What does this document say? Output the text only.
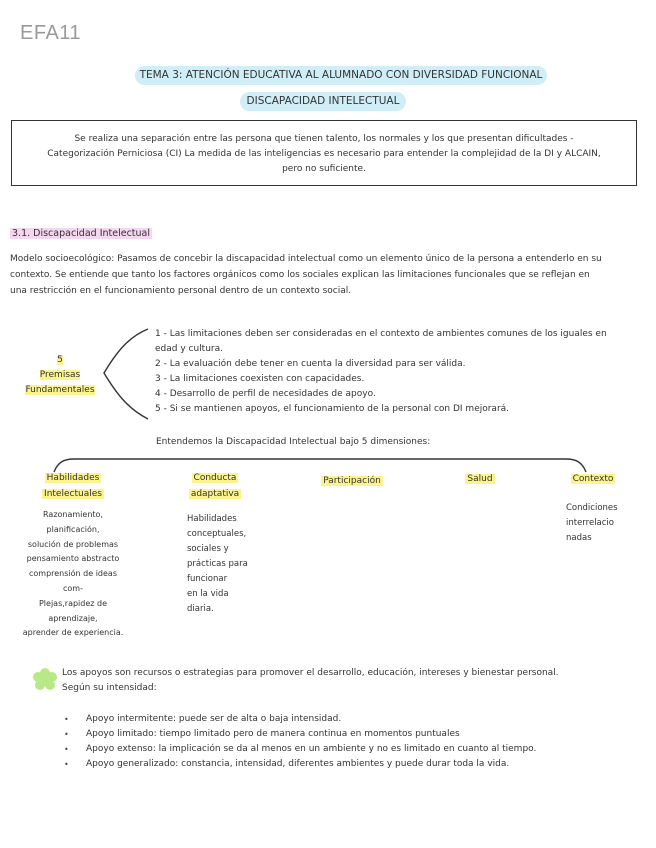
EFA11
TEMA 3: ATENCIÓN EDUCATIVA AL ALUMNADO CON DIVERSIDAD FUNCIONAL
DISCAPACIDAD INTELECTUAL
Se realiza una separación entre las persona que tienen talento, los normales y los que presentan dificultades -
Categorización Perniciosa (CI) La medida de las inteligencias es necesario para entender la complejidad de la DI y ALCAIN,
pero no suficiente.
3.1. Discapacidad Intelectual
Modelo socioecológico: Pasamos de concebir la discapacidad intelectual como un elemento único de la persona a entenderlo en su
contexto. Se entiende que tanto los factores orgánicos como los sociales explican las limitaciones funcionales que se reflejan en
una restricción en el funcionamiento personal dentro de un contexto social.
5
Premisas
Fundamentales
1 - Las limitaciones deben ser consideradas en el contexto de ambientes comunes de los iguales en
edad y cultura.
2 - La evaluación debe tener en cuenta la diversidad para ser válida.
3 - La limitaciones coexisten con capacidades.
4 - Desarrollo de perfil de necesidades de apoyo.
5 - Si se mantienen apoyos, el funcionamiento de la personal con DI mejorará.
Entendemos la Discapacidad Intelectual bajo 5 dimensiones:
Habilidades
Intelectuales
Razonamiento,
planificación,
solución de problemas
pensamiento abstracto
comprensión de ideas
com-
Plejas,rapidez de
aprendizaje,
aprender de experiencia.
Conducta
adaptativa
Habilidades
conceptuales,
sociales y
prácticas para
funcionar
en la vida
diaria.
Participación	Salud	Contexto
Condiciones
interrelacio
nadas
Los apoyos son recursos o estrategias para promover el desarrollo, educación, intereses y bienestar personal.
Según su intensidad:
• Apoyo intermitente: puede ser de alta o baja intensidad.
• Apoyo limitado: tiempo limitado pero de manera continua en momentos puntuales
• Apoyo extenso: la implicación se da al menos en un ambiente y no es limitado en cuanto al tiempo.
• Apoyo generalizado: constancia, intensidad, diferentes ambientes y puede durar toda la vida.
